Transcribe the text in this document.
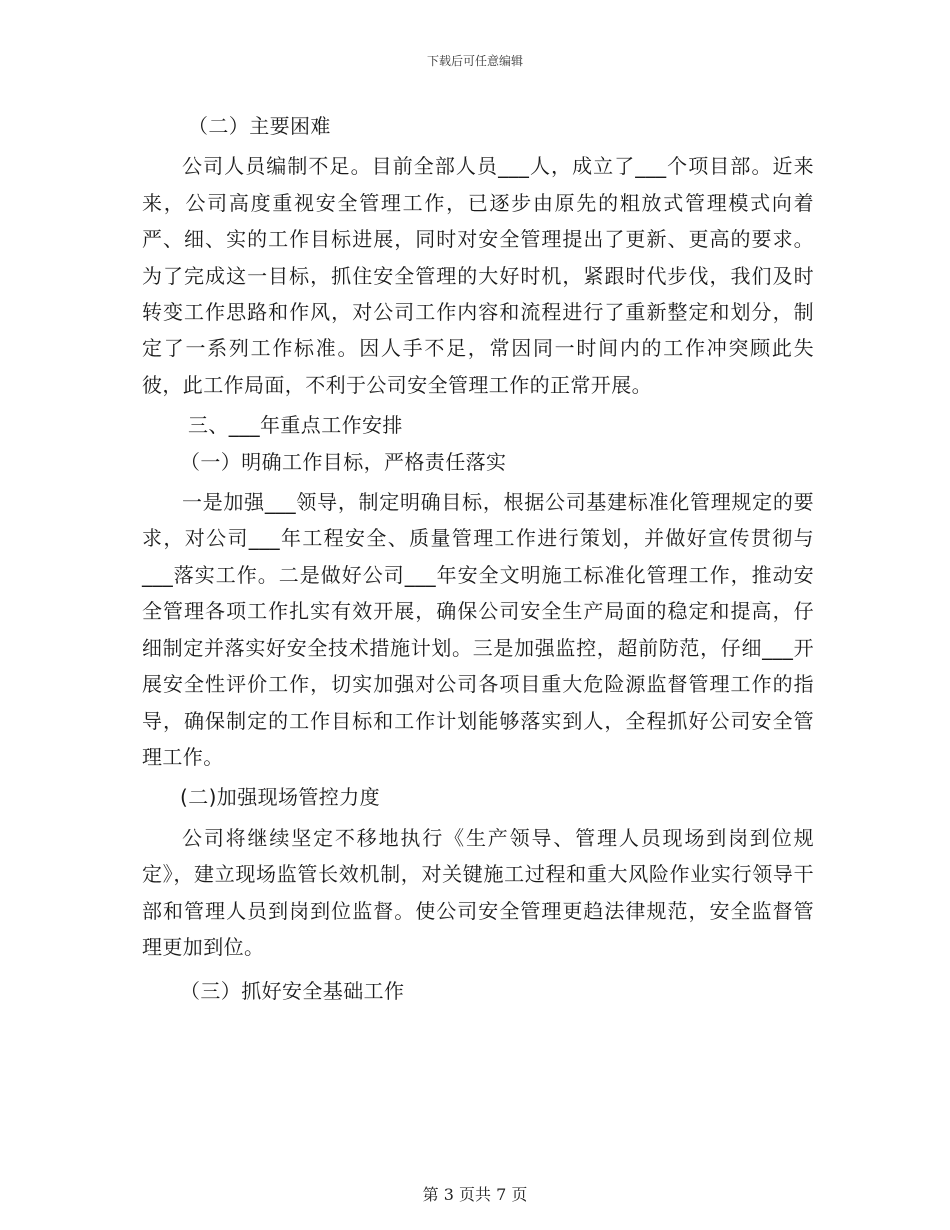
下载后可任意编辑

（二）主要困难

公司人员编制不足。目前全部人员___人，成立了___个项目部。近来来，公司高度重视安全管理工作，已逐步由原先的粗放式管理模式向着严、细、实的工作目标进展，同时对安全管理提出了更新、更高的要求。为了完成这一目标，抓住安全管理的大好时机，紧跟时代步伐，我们及时转变工作思路和作风，对公司工作内容和流程进行了重新整定和划分，制定了一系列工作标准。因人手不足，常因同一时间内的工作冲突顾此失彼，此工作局面，不利于公司安全管理工作的正常开展。

三、___年重点工作安排

（一）明确工作目标，严格责任落实

一是加强___领导，制定明确目标，根据公司基建标准化管理规定的要求，对公司___年工程安全、质量管理工作进行策划，并做好宣传贯彻与___落实工作。二是做好公司___年安全文明施工标准化管理工作，推动安全管理各项工作扎实有效开展，确保公司安全生产局面的稳定和提高，仔细制定并落实好安全技术措施计划。三是加强监控，超前防范，仔细___开展安全性评价工作，切实加强对公司各项目重大危险源监督管理工作的指导，确保制定的工作目标和工作计划能够落实到人，全程抓好公司安全管理工作。

(二)加强现场管控力度

公司将继续坚定不移地执行《生产领导、管理人员现场到岗到位规定》，建立现场监管长效机制，对关键施工过程和重大风险作业实行领导干部和管理人员到岗到位监督。使公司安全管理更趋法律规范，安全监督管理更加到位。

（三）抓好安全基础工作

第 3 页共 7 页
